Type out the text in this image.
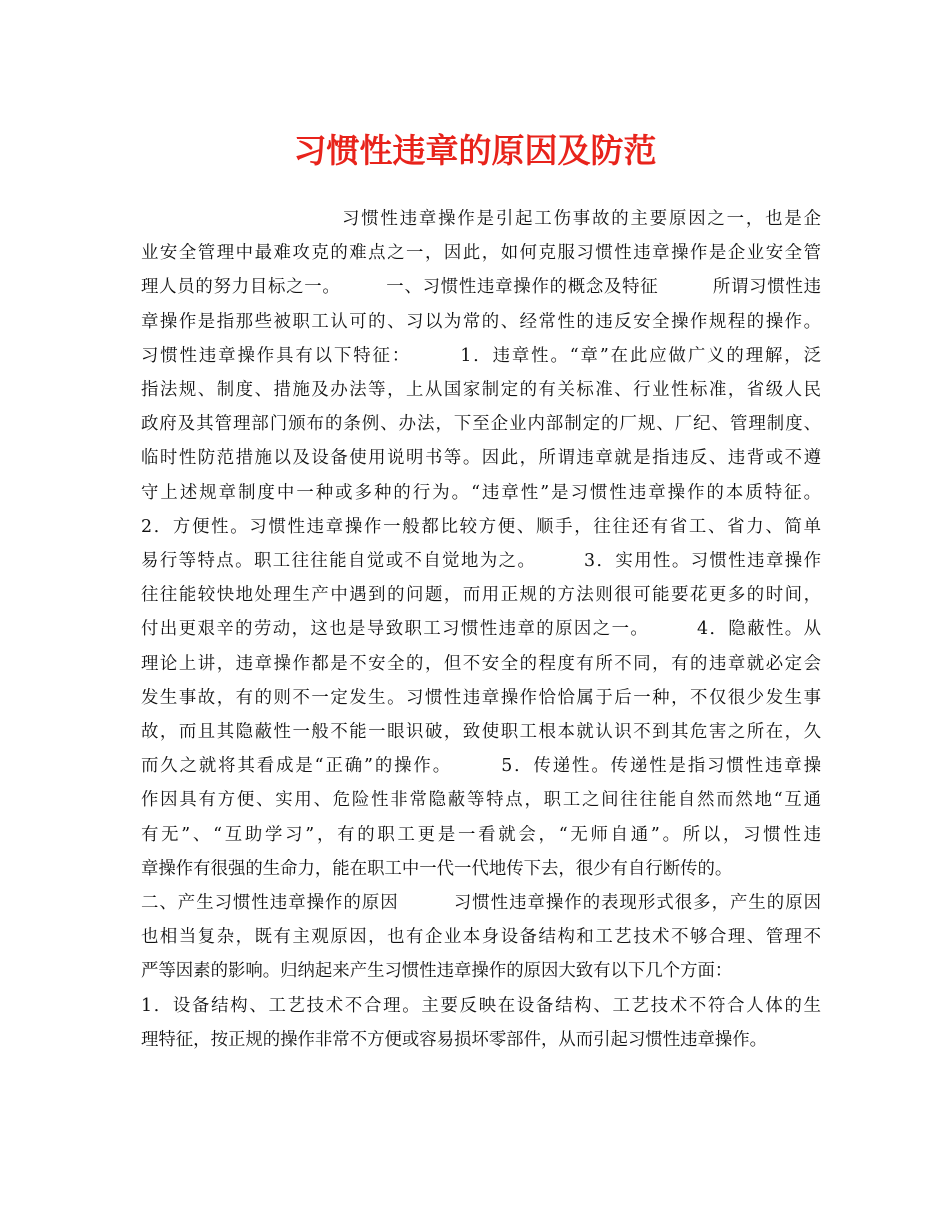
习惯性违章的原因及防范
习惯性违章操作是引起工伤事故的主要原因之一，也是企
业安全管理中最难攻克的难点之一，因此，如何克服习惯性违章操作是企业安全管
理人员的努力目标之一。　　　一、习惯性违章操作的概念及特征　　　所谓习惯性违
章操作是指那些被职工认可的、习以为常的、经常性的违反安全操作规程的操作。
习惯性违章操作具有以下特征：　　　1．违章性。“章”在此应做广义的理解，泛
指法规、制度、措施及办法等，上从国家制定的有关标准、行业性标准，省级人民
政府及其管理部门颁布的条例、办法，下至企业内部制定的厂规、厂纪、管理制度、
临时性防范措施以及设备使用说明书等。因此，所谓违章就是指违反、违背或不遵
守上述规章制度中一种或多种的行为。“违章性”是习惯性违章操作的本质特征。
2．方便性。习惯性违章操作一般都比较方便、顺手，往往还有省工、省力、简单
易行等特点。职工往往能自觉或不自觉地为之。　　　3．实用性。习惯性违章操作
往往能较快地处理生产中遇到的问题，而用正规的方法则很可能要花更多的时间，
付出更艰辛的劳动，这也是导致职工习惯性违章的原因之一。　　　4．隐蔽性。从
理论上讲，违章操作都是不安全的，但不安全的程度有所不同，有的违章就必定会
发生事故，有的则不一定发生。习惯性违章操作恰恰属于后一种，不仅很少发生事
故，而且其隐蔽性一般不能一眼识破，致使职工根本就认识不到其危害之所在，久
而久之就将其看成是“正确”的操作。　　　5．传递性。传递性是指习惯性违章操
作因具有方便、实用、危险性非常隐蔽等特点，职工之间往往能自然而然地“互通
有无”、“互助学习”，有的职工更是一看就会，“无师自通”。所以，习惯性违
章操作有很强的生命力，能在职工中一代一代地传下去，很少有自行断传的。
二、产生习惯性违章操作的原因　　　习惯性违章操作的表现形式很多，产生的原因
也相当复杂，既有主观原因，也有企业本身设备结构和工艺技术不够合理、管理不
严等因素的影响。归纳起来产生习惯性违章操作的原因大致有以下几个方面：
1．设备结构、工艺技术不合理。主要反映在设备结构、工艺技术不符合人体的生
理特征，按正规的操作非常不方便或容易损坏零部件，从而引起习惯性违章操作。
